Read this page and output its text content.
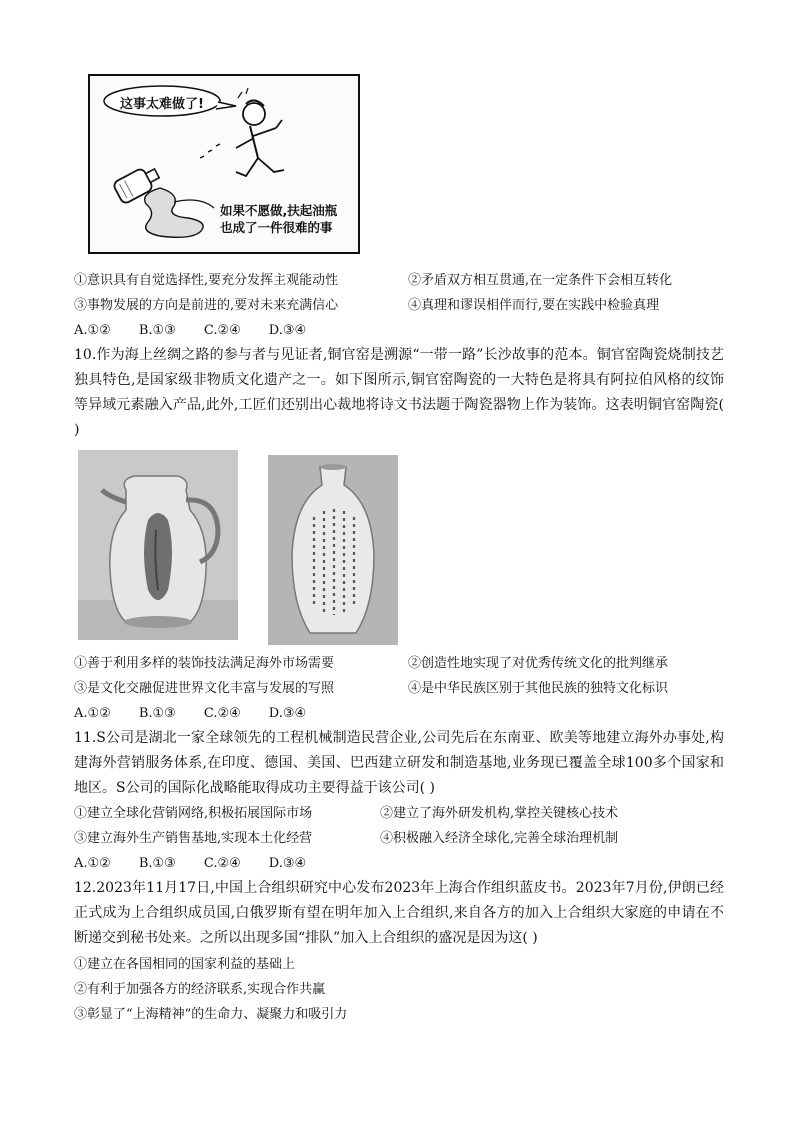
这事太难做了!
如果不愿做,扶起油瓶
也成了一件很难的事
①意识具有自觉选择性,要充分发挥主观能动性	②矛盾双方相互贯通,在一定条件下会相互转化
③事物发展的方向是前进的,要对未来充满信心	④真理和谬误相伴而行,要在实践中检验真理
A.①② B.①③ C.②④ D.③④
10.作为海上丝绸之路的参与者与见证者,铜官窑是溯源“一带一路”长沙故事的范本。铜官窑陶瓷烧制技艺独具特色,是国家级非物质文化遗产之一。如下图所示,铜官窑陶瓷的一大特色是将具有阿拉伯风格的纹饰等异域元素融入产品,此外,工匠们还别出心裁地将诗文书法题于陶瓷器物上作为装饰。这表明铜官窑陶瓷( )
①善于利用多样的装饰技法满足海外市场需要	②创造性地实现了对优秀传统文化的批判继承
③是文化交融促进世界文化丰富与发展的写照	④是中华民族区别于其他民族的独特文化标识
A.①② B.①③ C.②④ D.③④
11.S公司是湖北一家全球领先的工程机械制造民营企业,公司先后在东南亚、欧美等地建立海外办事处,构建海外营销服务体系,在印度、德国、美国、巴西建立研发和制造基地,业务现已覆盖全球100多个国家和地区。S公司的国际化战略能取得成功主要得益于该公司( )
①建立全球化营销网络,积极拓展国际市场	②建立了海外研发机构,掌控关键核心技术
③建立海外生产销售基地,实现本土化经营	④积极融入经济全球化,完善全球治理机制
A.①② B.①③ C.②④ D.③④
12.2023年11月17日,中国上合组织研究中心发布2023年上海合作组织蓝皮书。2023年7月份,伊朗已经正式成为上合组织成员国,白俄罗斯有望在明年加入上合组织,来自各方的加入上合组织大家庭的申请在不断递交到秘书处来。之所以出现多国“排队”加入上合组织的盛况是因为这( )
①建立在各国相同的国家利益的基础上
②有利于加强各方的经济联系,实现合作共赢
③彰显了“上海精神”的生命力、凝聚力和吸引力
